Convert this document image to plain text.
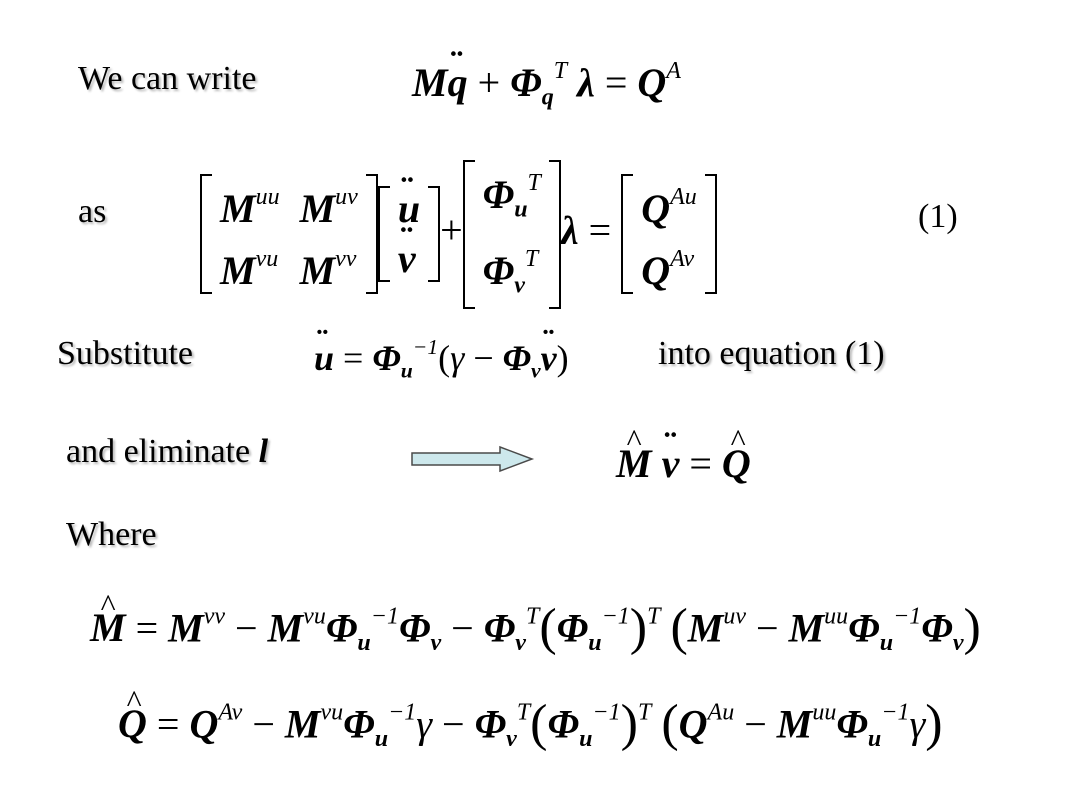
We can write	M¨ $q + \Phi_q^T$ $\lambda = Q^A$
as	$M^{uu}$	$M^{uv}$
$M^{vu}$	$M^{vv}$
¨ u
¨ v
+
$\Phi_u^T$
$\Phi_v^T$
$\lambda = Q^{Au}$
$Q^{Av}$
(1)
Substitute	¨ $u = \Phi_u^{-1}(\gamma$ − $\Phi_v¨$ v)	into equation (1)
and eliminate l	^ M ¨ v = ^ Q
Where
^ $M = M^{vv} - M^{vu}\Phi_u^{-1}\Phi_v - \Phi_v^T(\Phi_u^{-1})^T$ $(M^{uv} - M^{uu}\Phi_u^{-1}\Phi_v)$
^ $Q = Q^{Av} - M^{vu}\Phi_u^{-1}\gamma - \Phi_v^T(\Phi_u^{-1})^T$ $(Q^{Au} - M^{uu}\Phi_u^{-1}\gamma)$
